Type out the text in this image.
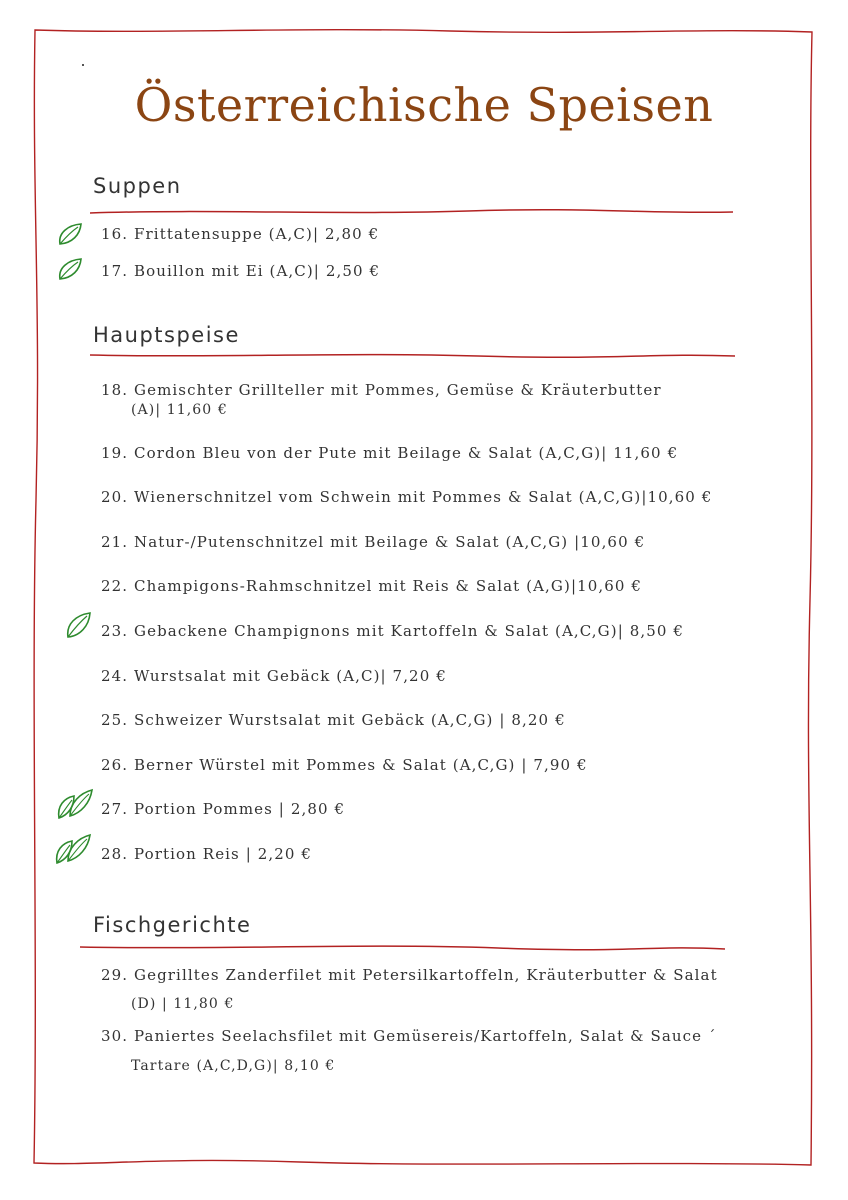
Österreichische Speisen
Suppen
16. Frittatensuppe (A,C)| 2,80 €
17. Bouillon mit Ei (A,C)| 2,50 €
Hauptspeise
18. Gemischter Grillteller mit Pommes, Gemüse & Kräuterbutter
(A)| 11,60 €
19. Cordon Bleu von der Pute mit Beilage & Salat (A,C,G)| 11,60 €
20. Wienerschnitzel vom Schwein mit Pommes & Salat (A,C,G)|10,60 €
21. Natur-/Putenschnitzel mit Beilage & Salat (A,C,G) |10,60 €
22. Champigons-Rahmschnitzel mit Reis & Salat (A,G)|10,60 €
23. Gebackene Champignons mit Kartoffeln & Salat (A,C,G)| 8,50 €
24. Wurstsalat mit Gebäck (A,C)| 7,20 €
25. Schweizer Wurstsalat mit Gebäck (A,C,G) | 8,20 €
26. Berner Würstel mit Pommes & Salat (A,C,G) | 7,90 €
27. Portion Pommes | 2,80 €
28. Portion Reis | 2,20 €
Fischgerichte
29. Gegrilltes Zanderfilet mit Petersilkartoffeln, Kräuterbutter & Salat
(D) | 11,80 €
30. Paniertes Seelachsfilet mit Gemüsereis/Kartoffeln, Salat & Sauce ´
Tartare (A,C,D,G)| 8,10 €
